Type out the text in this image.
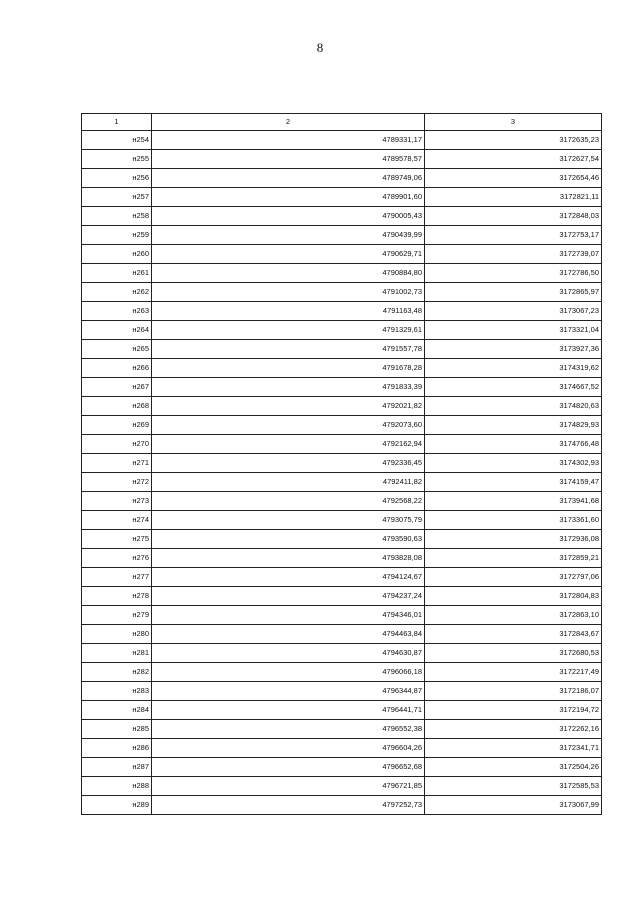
8
1	2	3
н254	4789331,17	3172635,23
н255	4789578,57	3172627,54
н256	4789749,06	3172654,46
н257	4789901,60	3172821,11
н258	4790005,43	3172848,03
н259	4790439,99	3172753,17
н260	4790629,71	3172739,07
н261	4790884,80	3172786,50
н262	4791002,73	3172865,97
н263	4791163,48	3173067,23
н264	4791329,61	3173321,04
н265	4791557,78	3173927,36
н266	4791678,28	3174319,62
н267	4791833,39	3174667,52
н268	4792021,82	3174820,63
н269	4792073,60	3174829,93
н270	4792162,94	3174766,48
н271	4792336,45	3174302,93
н272	4792411,82	3174159,47
н273	4792568,22	3173941,68
н274	4793075,79	3173361,60
н275	4793590,63	3172936,08
н276	4793828,08	3172859,21
н277	4794124,67	3172797,06
н278	4794237,24	3172804,83
н279	4794346,01	3172863,10
н280	4794463,84	3172843,67
н281	4794630,87	3172680,53
н282	4796066,18	3172217,49
н283	4796344,87	3172186,07
н284	4796441,71	3172194,72
н285	4796552,38	3172262,16
н286	4796604,26	3172341,71
н287	4796652,68	3172504,26
н288	4796721,85	3172585,53
н289	4797252,73	3173067,99
